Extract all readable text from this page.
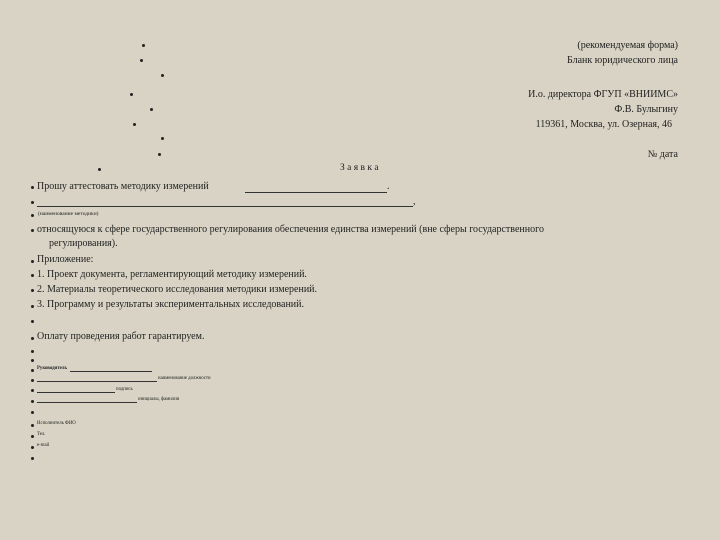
(рекомендуемая форма)
Бланк юридического лица
И.о. директора ФГУП «ВНИИМС»
Ф.В. Булыгину
119361, Москва, ул. Озерная, 46
№ дата
З а я в к а
Прошу аттестовать методику измерений	.
,
(наименование методики)
относящуюся к сфере государственного регулирования обеспечения единства измерений (вне сферы государственного
регулирования).
Приложение:
1. Проект документа, регламентирующий методику измерений.
2. Материалы теоретического исследования методики измерений.
3. Программу и результаты экспериментальных исследований.
Оплату проведения работ гарантируем.
Руководитель
наименование должности
подпись
инициалы, фамилия
Исполнитель ФИО
Тел.
e-mail
